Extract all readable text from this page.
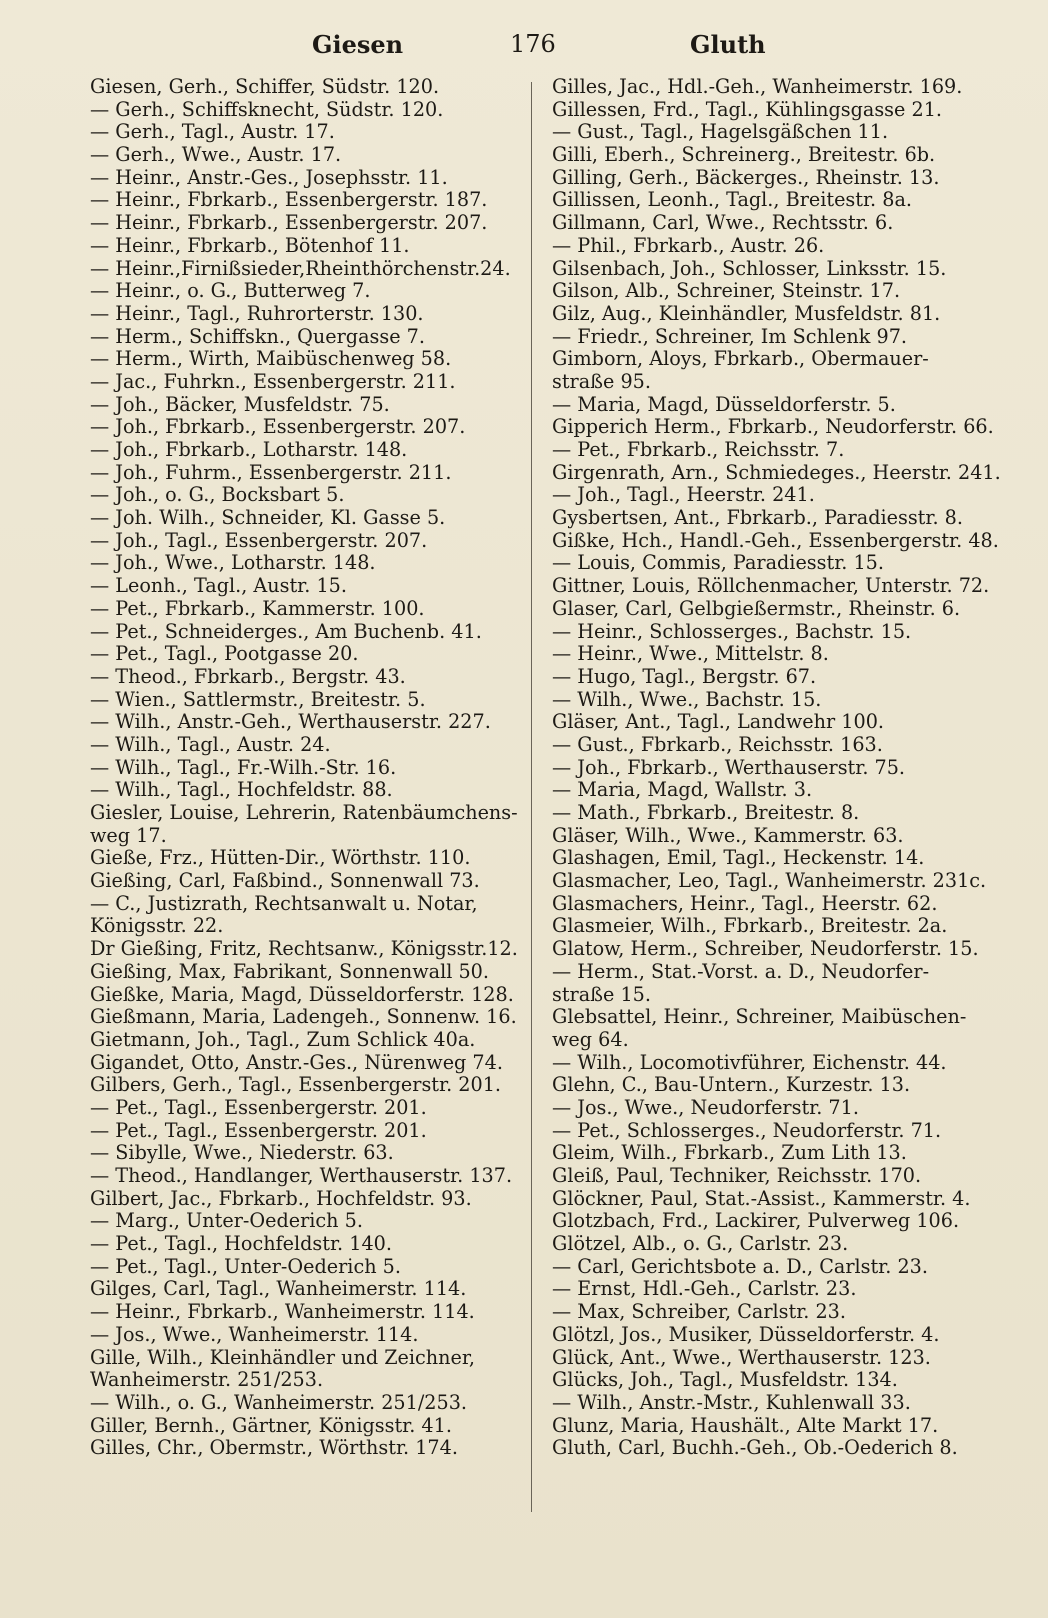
Giesen	176	Gluth
Giesen, Gerh., Schiffer, Südstr. 120.
— Gerh., Schiffsknecht, Südstr. 120.
— Gerh., Tagl., Austr. 17.
— Gerh., Wwe., Austr. 17.
— Heinr., Anstr.-Ges., Josephsstr. 11.
— Heinr., Fbrkarb., Essenbergerstr. 187.
— Heinr., Fbrkarb., Essenbergerstr. 207.
— Heinr., Fbrkarb., Bötenhof 11.
— Heinr.,Firnißsieder,Rheinthörchenstr.24.
— Heinr., o. G., Butterweg 7.
— Heinr., Tagl., Ruhrorterstr. 130.
— Herm., Schiffskn., Quergasse 7.
— Herm., Wirth, Maibüschenweg 58.
— Jac., Fuhrkn., Essenbergerstr. 211.
— Joh., Bäcker, Musfeldstr. 75.
— Joh., Fbrkarb., Essenbergerstr. 207.
— Joh., Fbrkarb., Lotharstr. 148.
— Joh., Fuhrm., Essenbergerstr. 211.
— Joh., o. G., Bocksbart 5.
— Joh. Wilh., Schneider, Kl. Gasse 5.
— Joh., Tagl., Essenbergerstr. 207.
— Joh., Wwe., Lotharstr. 148.
— Leonh., Tagl., Austr. 15.
— Pet., Fbrkarb., Kammerstr. 100.
— Pet., Schneiderges., Am Buchenb. 41.
— Pet., Tagl., Pootgasse 20.
— Theod., Fbrkarb., Bergstr. 43.
— Wien., Sattlermstr., Breitestr. 5.
— Wilh., Anstr.-Geh., Werthauserstr. 227.
— Wilh., Tagl., Austr. 24.
— Wilh., Tagl., Fr.-Wilh.-Str. 16.
— Wilh., Tagl., Hochfeldstr. 88.
Giesler, Louise, Lehrerin, Ratenbäumchens-
weg 17.
Gieße, Frz., Hütten-Dir., Wörthstr. 110.
Gießing, Carl, Faßbind., Sonnenwall 73.
— C., Justizrath, Rechtsanwalt u. Notar,
Königsstr. 22.
Dr Gießing, Fritz, Rechtsanw., Königsstr.12.
Gießing, Max, Fabrikant, Sonnenwall 50.
Gießke, Maria, Magd, Düsseldorferstr. 128.
Gießmann, Maria, Ladengeh., Sonnenw. 16.
Gietmann, Joh., Tagl., Zum Schlick 40a.
Gigandet, Otto, Anstr.-Ges., Nürenweg 74.
Gilbers, Gerh., Tagl., Essenbergerstr. 201.
— Pet., Tagl., Essenbergerstr. 201.
— Pet., Tagl., Essenbergerstr. 201.
— Sibylle, Wwe., Niederstr. 63.
— Theod., Handlanger, Werthauserstr. 137.
Gilbert, Jac., Fbrkarb., Hochfeldstr. 93.
— Marg., Unter-Oederich 5.
— Pet., Tagl., Hochfeldstr. 140.
— Pet., Tagl., Unter-Oederich 5.
Gilges, Carl, Tagl., Wanheimerstr. 114.
— Heinr., Fbrkarb., Wanheimerstr. 114.
— Jos., Wwe., Wanheimerstr. 114.
Gille, Wilh., Kleinhändler und Zeichner,
Wanheimerstr. 251/253.
— Wilh., o. G., Wanheimerstr. 251/253.
Giller, Bernh., Gärtner, Königsstr. 41.
Gilles, Chr., Obermstr., Wörthstr. 174.
Gilles, Jac., Hdl.-Geh., Wanheimerstr. 169.
Gillessen, Frd., Tagl., Kühlingsgasse 21.
— Gust., Tagl., Hagelsgäßchen 11.
Gilli, Eberh., Schreinerg., Breitestr. 6b.
Gilling, Gerh., Bäckerges., Rheinstr. 13.
Gillissen, Leonh., Tagl., Breitestr. 8a.
Gillmann, Carl, Wwe., Rechtsstr. 6.
— Phil., Fbrkarb., Austr. 26.
Gilsenbach, Joh., Schlosser, Linksstr. 15.
Gilson, Alb., Schreiner, Steinstr. 17.
Gilz, Aug., Kleinhändler, Musfeldstr. 81.
— Friedr., Schreiner, Im Schlenk 97.
Gimborn, Aloys, Fbrkarb., Obermauer-
straße 95.
— Maria, Magd, Düsseldorferstr. 5.
Gipperich Herm., Fbrkarb., Neudorferstr. 66.
— Pet., Fbrkarb., Reichsstr. 7.
Girgenrath, Arn., Schmiedeges., Heerstr. 241.
— Joh., Tagl., Heerstr. 241.
Gysbertsen, Ant., Fbrkarb., Paradiesstr. 8.
Gißke, Hch., Handl.-Geh., Essenbergerstr. 48.
— Louis, Commis, Paradiesstr. 15.
Gittner, Louis, Röllchenmacher, Unterstr. 72.
Glaser, Carl, Gelbgießermstr., Rheinstr. 6.
— Heinr., Schlosserges., Bachstr. 15.
— Heinr., Wwe., Mittelstr. 8.
— Hugo, Tagl., Bergstr. 67.
— Wilh., Wwe., Bachstr. 15.
Gläser, Ant., Tagl., Landwehr 100.
— Gust., Fbrkarb., Reichsstr. 163.
— Joh., Fbrkarb., Werthauserstr. 75.
— Maria, Magd, Wallstr. 3.
— Math., Fbrkarb., Breitestr. 8.
Gläser, Wilh., Wwe., Kammerstr. 63.
Glashagen, Emil, Tagl., Heckenstr. 14.
Glasmacher, Leo, Tagl., Wanheimerstr. 231c.
Glasmachers, Heinr., Tagl., Heerstr. 62.
Glasmeier, Wilh., Fbrkarb., Breitestr. 2a.
Glatow, Herm., Schreiber, Neudorferstr. 15.
— Herm., Stat.-Vorst. a. D., Neudorfer-
straße 15.
Glebsattel, Heinr., Schreiner, Maibüschen-
weg 64.
— Wilh., Locomotivführer, Eichenstr. 44.
Glehn, C., Bau-Untern., Kurzestr. 13.
— Jos., Wwe., Neudorferstr. 71.
— Pet., Schlosserges., Neudorferstr. 71.
Gleim, Wilh., Fbrkarb., Zum Lith 13.
Gleiß, Paul, Techniker, Reichsstr. 170.
Glöckner, Paul, Stat.-Assist., Kammerstr. 4.
Glotzbach, Frd., Lackirer, Pulverweg 106.
Glötzel, Alb., o. G., Carlstr. 23.
— Carl, Gerichtsbote a. D., Carlstr. 23.
— Ernst, Hdl.-Geh., Carlstr. 23.
— Max, Schreiber, Carlstr. 23.
Glötzl, Jos., Musiker, Düsseldorferstr. 4.
Glück, Ant., Wwe., Werthauserstr. 123.
Glücks, Joh., Tagl., Musfeldstr. 134.
— Wilh., Anstr.-Mstr., Kuhlenwall 33.
Glunz, Maria, Haushält., Alte Markt 17.
Gluth, Carl, Buchh.-Geh., Ob.-Oederich 8.
